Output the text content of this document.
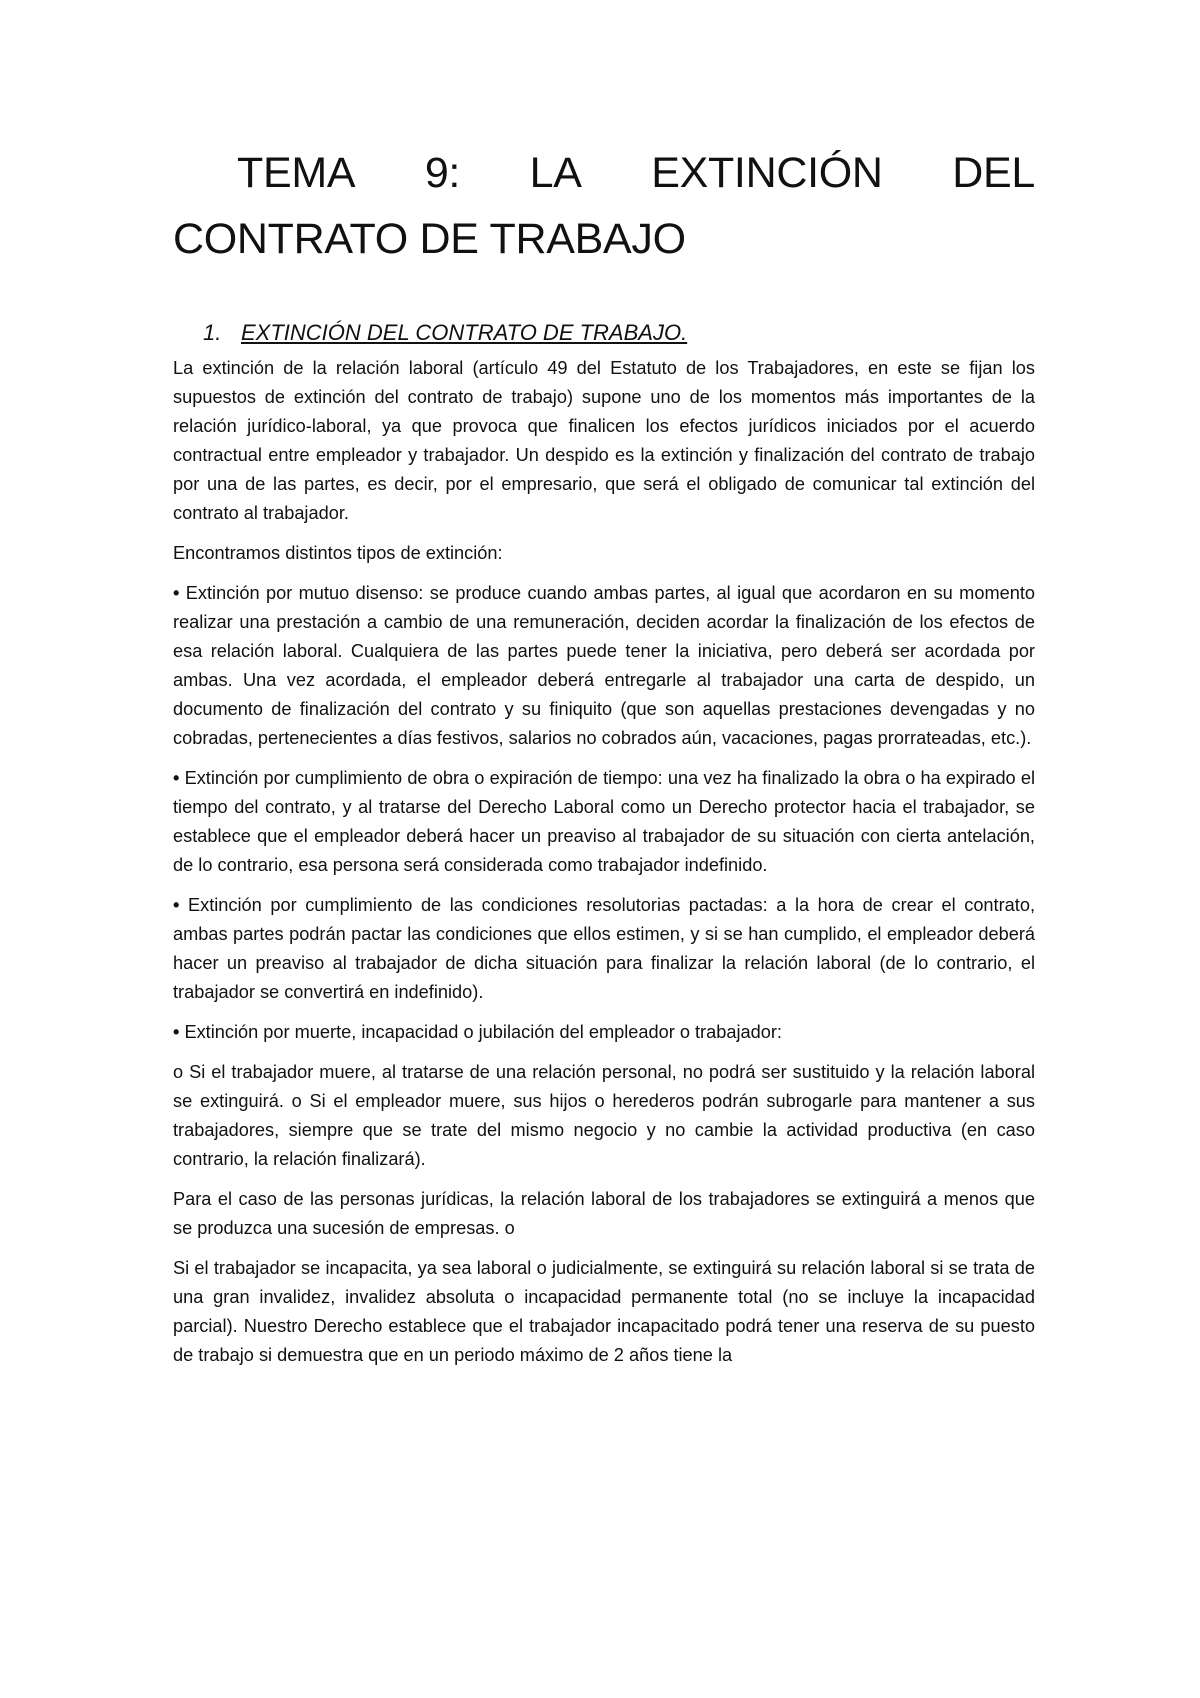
TEMA 9: LA EXTINCIÓN DEL
CONTRATO DE TRABAJO
1. EXTINCIÓN DEL CONTRATO DE TRABAJO.

La extinción de la relación laboral (artículo 49 del Estatuto de los Trabajadores, en este se fijan los supuestos de extinción del contrato de trabajo) supone uno de los momentos más importantes de la relación jurídico-laboral, ya que provoca que finalicen los efectos jurídicos iniciados por el acuerdo contractual entre empleador y trabajador. Un despido es la extinción y finalización del contrato de trabajo por una de las partes, es decir, por el empresario, que será el obligado de comunicar tal extinción del contrato al trabajador.

Encontramos distintos tipos de extinción:

• Extinción por mutuo disenso: se produce cuando ambas partes, al igual que acordaron en su momento realizar una prestación a cambio de una remuneración, deciden acordar la finalización de los efectos de esa relación laboral. Cualquiera de las partes puede tener la iniciativa, pero deberá ser acordada por ambas. Una vez acordada, el empleador deberá entregarle al trabajador una carta de despido, un documento de finalización del contrato y su finiquito (que son aquellas prestaciones devengadas y no cobradas, pertenecientes a días festivos, salarios no cobrados aún, vacaciones, pagas prorrateadas, etc.).

• Extinción por cumplimiento de obra o expiración de tiempo: una vez ha finalizado la obra o ha expirado el tiempo del contrato, y al tratarse del Derecho Laboral como un Derecho protector hacia el trabajador, se establece que el empleador deberá hacer un preaviso al trabajador de su situación con cierta antelación, de lo contrario, esa persona será considerada como trabajador indefinido.

• Extinción por cumplimiento de las condiciones resolutorias pactadas: a la hora de crear el contrato, ambas partes podrán pactar las condiciones que ellos estimen, y si se han cumplido, el empleador deberá hacer un preaviso al trabajador de dicha situación para finalizar la relación laboral (de lo contrario, el trabajador se convertirá en indefinido).

• Extinción por muerte, incapacidad o jubilación del empleador o trabajador:

o Si el trabajador muere, al tratarse de una relación personal, no podrá ser sustituido y la relación laboral se extinguirá. o Si el empleador muere, sus hijos o herederos podrán subrogarle para mantener a sus trabajadores, siempre que se trate del mismo negocio y no cambie la actividad productiva (en caso contrario, la relación finalizará).

Para el caso de las personas jurídicas, la relación laboral de los trabajadores se extinguirá a menos que se produzca una sucesión de empresas. o

Si el trabajador se incapacita, ya sea laboral o judicialmente, se extinguirá su relación laboral si se trata de una gran invalidez, invalidez absoluta o incapacidad permanente total (no se incluye la incapacidad parcial). Nuestro Derecho establece que el trabajador incapacitado podrá tener una reserva de su puesto de trabajo si demuestra que en un periodo máximo de 2 años tiene la
